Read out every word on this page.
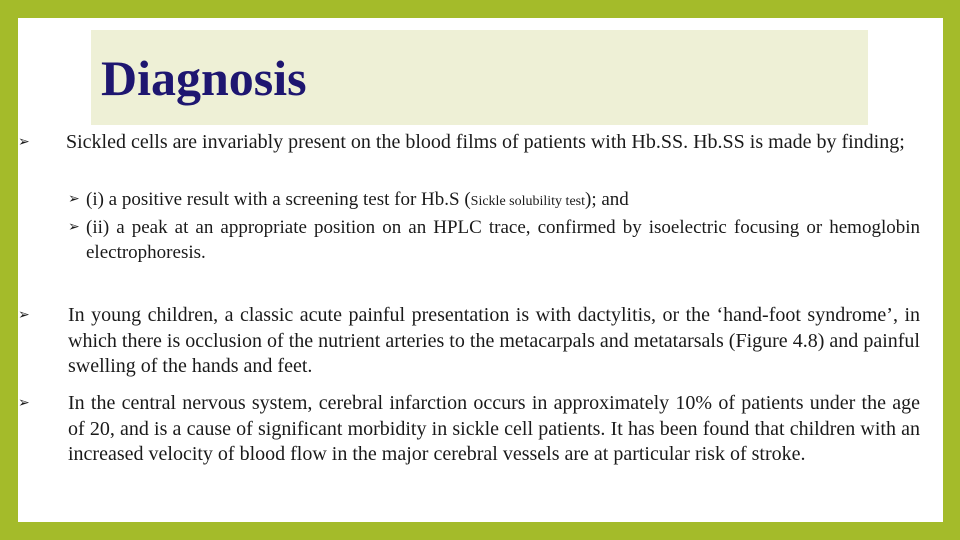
Diagnosis
➢	Sickled cells are invariably present on the blood films of patients with Hb.SS. Hb.SS is made by finding;
➢ (i) a positive result with a screening test for Hb.S (Sickle solubility test); and
➢ (ii) a peak at an appropriate position on an HPLC trace, confirmed by isoelectric focusing or hemoglobin electrophoresis.
➢	In young children, a classic acute painful presentation is with dactylitis, or the ‘hand-foot syndrome’, in which there is occlusion of the nutrient arteries to the metacarpals and metatarsals (Figure 4.8) and painful swelling of the hands and feet.
➢	In the central nervous system, cerebral infarction occurs in approximately 10% of patients under the age of 20, and is a cause of significant morbidity in sickle cell patients. It has been found that children with an increased velocity of blood flow in the major cerebral vessels are at particular risk of stroke.
